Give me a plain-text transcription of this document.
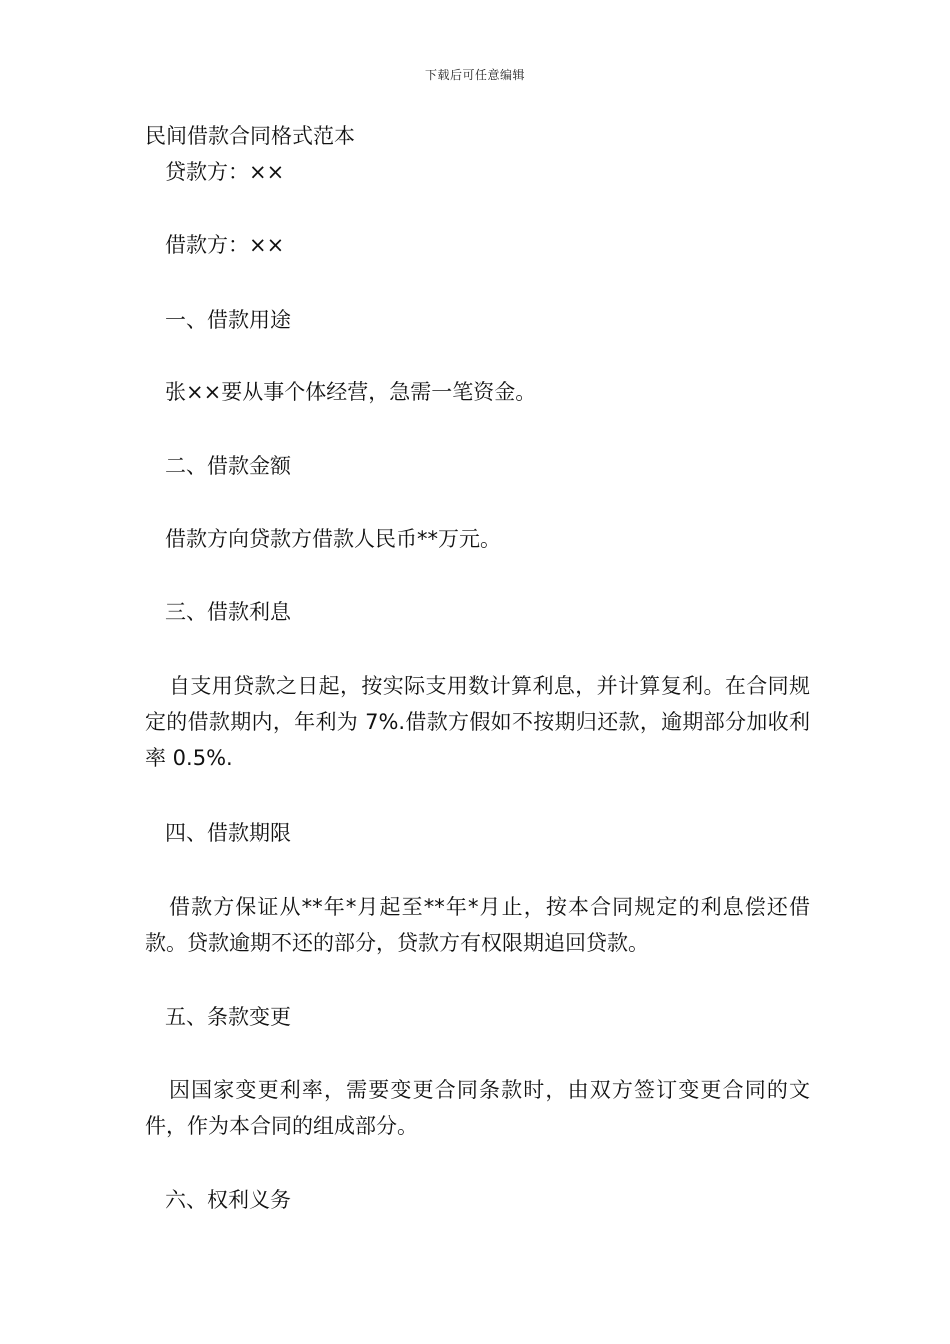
下载后可任意编辑
民间借款合同格式范本
贷款方：××
借款方：××
一、借款用途
张××要从事个体经营，急需一笔资金。
二、借款金额
借款方向贷款方借款人民币**万元。
三、借款利息
自支用贷款之日起，按实际支用数计算利息，并计算复利。在合同规定的借款期内，年利为 7%.借款方假如不按期归还款，逾期部分加收利率 0.5%.
四、借款期限
借款方保证从**年*月起至**年*月止，按本合同规定的利息偿还借款。贷款逾期不还的部分，贷款方有权限期追回贷款。
五、条款变更
因国家变更利率，需要变更合同条款时，由双方签订变更合同的文件，作为本合同的组成部分。
六、权利义务
